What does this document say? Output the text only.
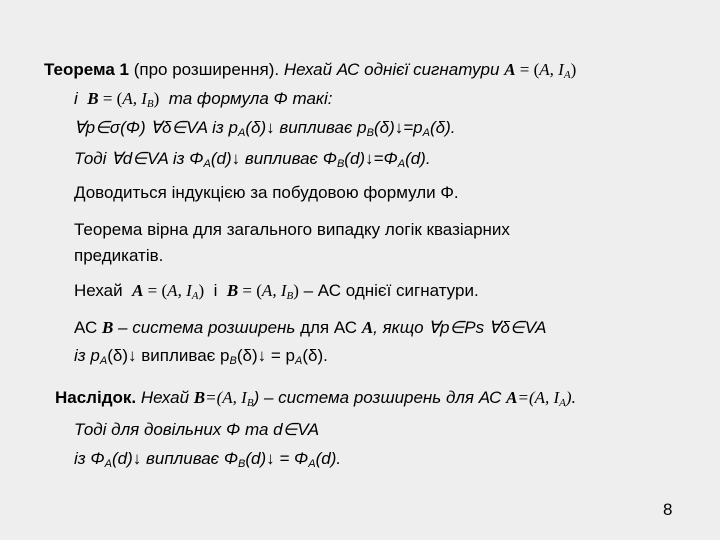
Теорема 1 (про розширення). Нехай АС однієї сигнатури A = (A, $I_A$)
і B = (A, $I_B$) та формула Φ такі:
∀p∈σ(Φ) ∀δ∈VA із $p_A(\delta)↓$ випливає $p_B(\delta)↓=p_A(\delta)$.
Тоді ∀d∈VA із $\Phi_A(d)↓$ випливає $\Phi_B(d)↓=\Phi_A(d)$.
Доводиться індукцією за побудовою формули Φ.
Теорема вірна для загального випадку логік квазіарних
предикатів.
Нехай A = (A, $I_A$) і B = (A, $I_B$) – АС однієї сигнатури.
АС B – система розширень для АС A, якщо ∀p∈Ps ∀δ∈VA
із $p_A(\delta)↓$ випливає $p_B(\delta)↓ = p_A(\delta)$.
Наслідок. Нехай B=(A, $I_B$) – система розширень для АС A=(A, $I_A$).
Тоді для довільних Φ та d∈VA
із $\Phi_A(d)↓$ випливає $\Phi_B(d)↓ = \Phi_A(d)$.
8
